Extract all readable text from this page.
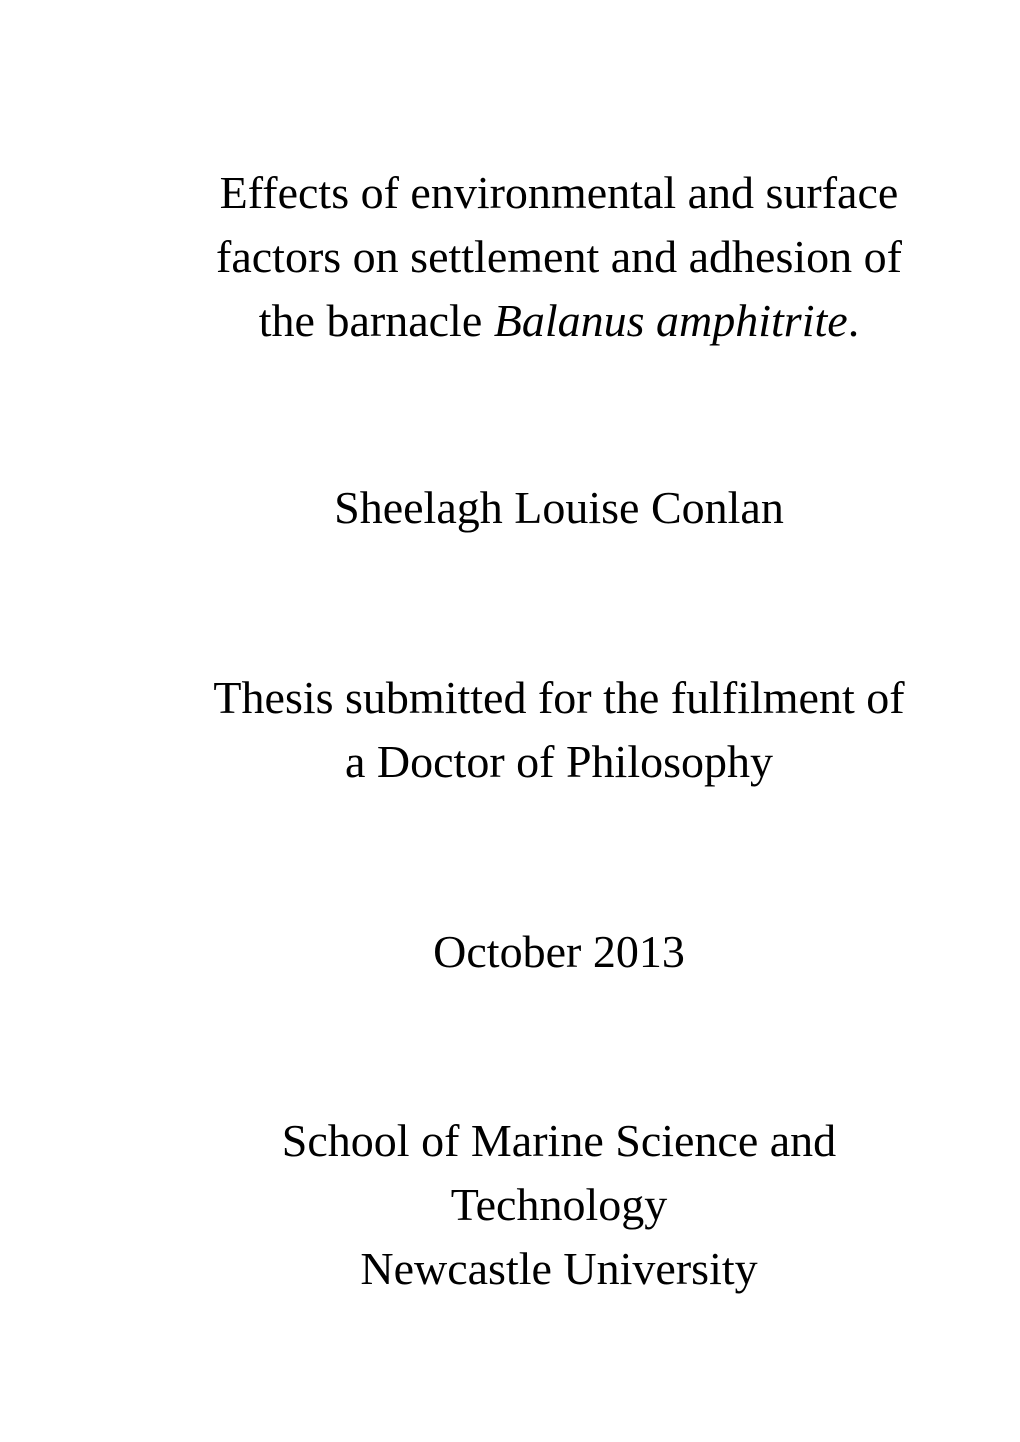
Effects of environmental and surface
factors on settlement and adhesion of
the barnacle Balanus amphitrite.
Sheelagh Louise Conlan
Thesis submitted for the fulfilment of
a Doctor of Philosophy
October 2013
School of Marine Science and
Technology
Newcastle University
